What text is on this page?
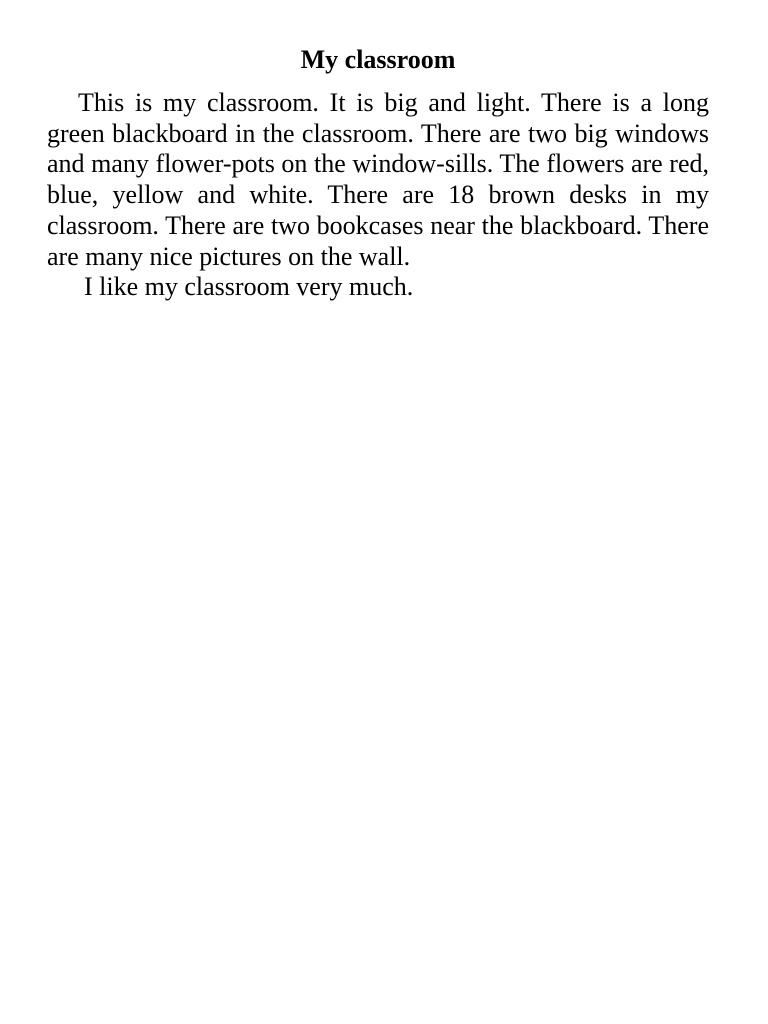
My classroom

This is my classroom. It is big and light. There is a long green blackboard in the classroom. There are two big windows and many flower-pots on the window-sills. The flowers are red, blue, yellow and white. There are 18 brown desks in my classroom. There are two bookcases near the blackboard. There are many nice pictures on the wall.

I like my classroom very much.
